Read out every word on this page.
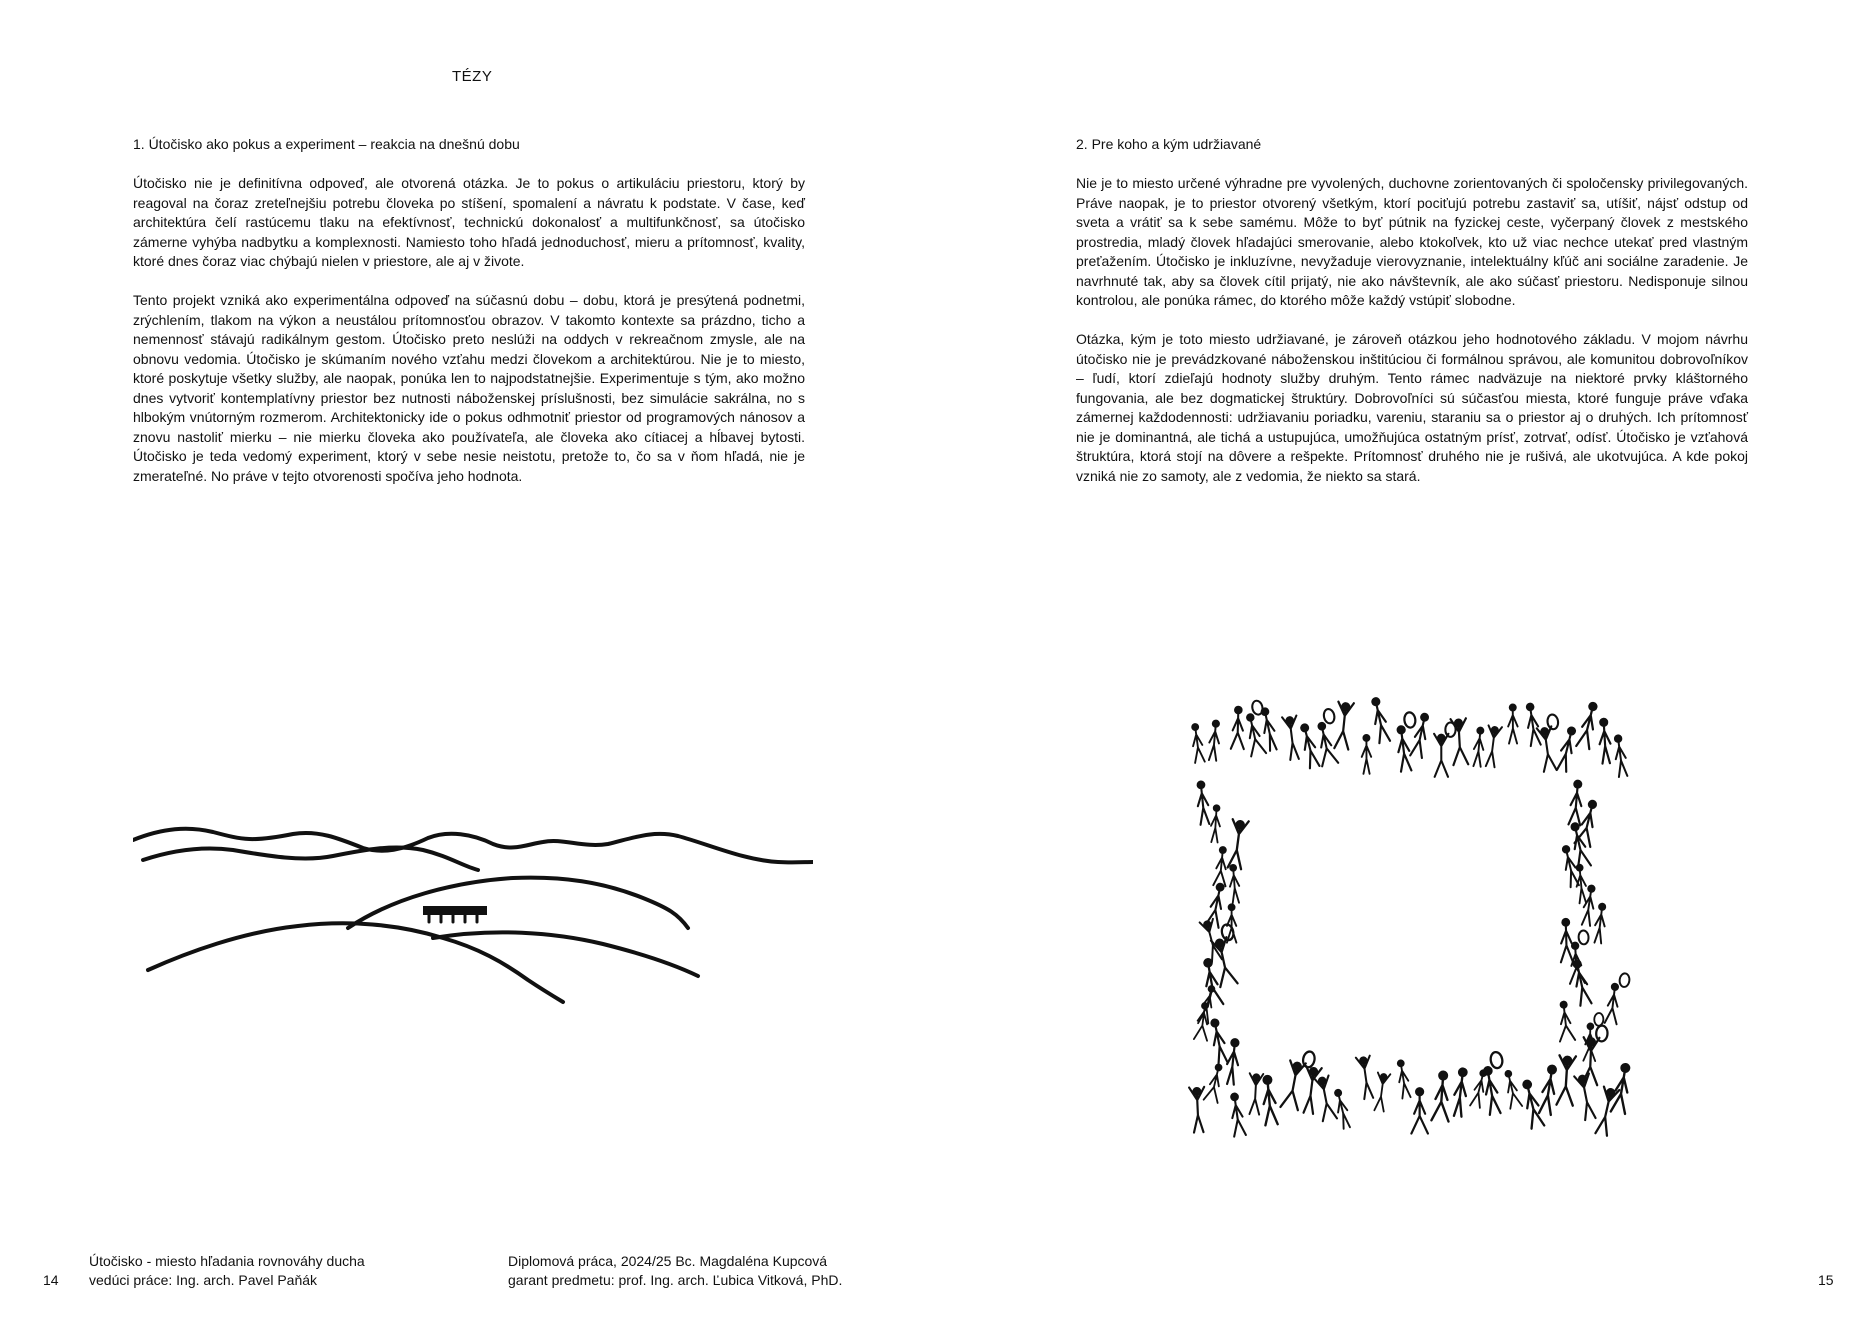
TÉZY
1. Útočisko ako pokus a experiment – reakcia na dnešnú dobu

Útočisko nie je definitívna odpoveď, ale otvorená otázka. Je to pokus o artikuláciu priestoru, ktorý by reagoval na čoraz zreteľnejšiu potrebu človeka po stíšení, spomalení a návratu k podstate. V čase, keď architektúra čelí rastúcemu tlaku na efektívnosť, technickú dokonalosť a multifunkčnosť, sa útočisko zámerne vyhýba nadbytku a komplexnosti. Namiesto toho hľadá jednoduchosť, mieru a prítomnosť, kvality, ktoré dnes čoraz viac chýbajú nielen v priestore, ale aj v živote.

Tento projekt vzniká ako experimentálna odpoveď na súčasnú dobu – dobu, ktorá je presýtená podnetmi, zrýchlením, tlakom na výkon a neustálou prítomnosťou obrazov. V takomto kontexte sa prázdno, ticho a nemennosť stávajú radikálnym gestom. Útočisko preto neslúži na oddych v rekreačnom zmysle, ale na obnovu vedomia. Útočisko je skúmaním nového vzťahu medzi človekom a architektúrou. Nie je to miesto, ktoré poskytuje všetky služby, ale naopak, ponúka len to najpodstatnejšie. Experimentuje s tým, ako možno dnes vytvoriť kontemplatívny priestor bez nutnosti náboženskej príslušnosti, bez simulácie sakrálna, no s hlbokým vnútorným rozmerom. Architektonicky ide o pokus odhmotniť priestor od programových nánosov a znovu nastoliť mierku – nie mierku človeka ako používateľa, ale človeka ako cítiacej a hĺbavej bytosti. Útočisko je teda vedomý experiment, ktorý v sebe nesie neistotu, pretože to, čo sa v ňom hľadá, nie je zmerateľné. No práve v tejto otvorenosti spočíva jeho hodnota.

2. Pre koho a kým udržiavané

Nie je to miesto určené výhradne pre vyvolených, duchovne zorientovaných či spoločensky privilegovaných. Práve naopak, je to priestor otvorený všetkým, ktorí pociťujú potrebu zastaviť sa, utíšiť, nájsť odstup od sveta a vrátiť sa k sebe samému. Môže to byť pútnik na fyzickej ceste, vyčerpaný človek z mestského prostredia, mladý človek hľadajúci smerovanie, alebo ktokoľvek, kto už viac nechce utekať pred vlastným preťažením. Útočisko je inkluzívne, nevyžaduje vierovyznanie, intelektuálny kľúč ani sociálne zaradenie. Je navrhnuté tak, aby sa človek cítil prijatý, nie ako návštevník, ale ako súčasť priestoru. Nedisponuje silnou kontrolou, ale ponúka rámec, do ktorého môže každý vstúpiť slobodne.

Otázka, kým je toto miesto udržiavané, je zároveň otázkou jeho hodnotového základu. V mojom návrhu útočisko nie je prevádzkované náboženskou inštitúciou či formálnou správou, ale komunitou dobrovoľníkov – ľudí, ktorí zdieľajú hodnoty služby druhým. Tento rámec nadväzuje na niektoré prvky kláštorného fungovania, ale bez dogmatickej štruktúry. Dobrovoľníci sú súčasťou miesta, ktoré funguje práve vďaka zámernej každodennosti: udržiavaniu poriadku, vareniu, staraniu sa o priestor aj o druhých. Ich prítomnosť nie je dominantná, ale tichá a ustupujúca, umožňujúca ostatným prísť, zotrvať, odísť. Útočisko je vzťahová štruktúra, ktorá stojí na dôvere a rešpekte. Prítomnosť druhého nie je rušivá, ale ukotvujúca. A kde pokoj vzniká nie zo samoty, ale z vedomia, že niekto sa stará.

Útočisko - miesto hľadania rovnováhy ducha
vedúci práce: Ing. arch. Pavel Paňák
Diplomová práca, 2024/25 Bc. Magdaléna Kupcová
garant predmetu: prof. Ing. arch. Ľubica Vitková, PhD.
14	15
